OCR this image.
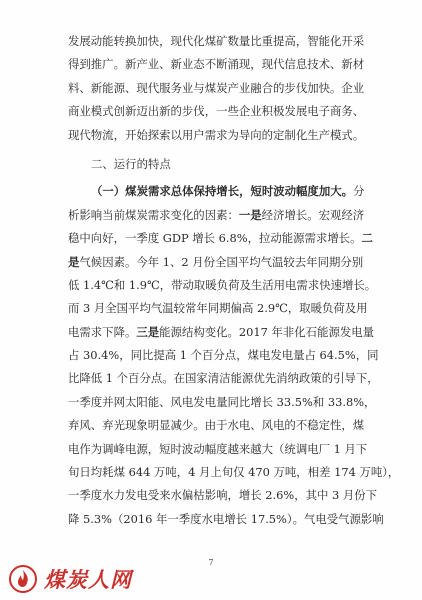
发展动能转换加快，现代化煤矿数量比重提高，智能化开采
得到推广。新产业、新业态不断涌现，现代信息技术、新材
料、新能源、现代服务业与煤炭产业融合的步伐加快。企业
商业模式创新迈出新的步伐，一些企业积极发展电子商务、
现代物流，开始探索以用户需求为导向的定制化生产模式。
二、运行的特点
（一）煤炭需求总体保持增长，短时波动幅度加大。分
析影响当前煤炭需求变化的因素：一是经济增长。宏观经济
稳中向好，一季度 GDP 增长 6.8%，拉动能源需求增长。二
是气候因素。今年 1、2 月份全国平均气温较去年同期分别
低 1.4℃和 1.9℃，带动取暖负荷及生活用电需求快速增长。
而 3 月全国平均气温较常年同期偏高 2.9℃，取暖负荷及用
电需求下降。三是能源结构变化。2017 年非化石能源发电量
占 30.4%，同比提高 1 个百分点，煤电发电量占 64.5%，同
比降低 1 个百分点。在国家清洁能源优先消纳政策的引导下，
一季度并网太阳能、风电发电量同比增长 33.5%和 33.8%，
弃风、弃光现象明显减少。由于水电、风电的不稳定性，煤
电作为调峰电源，短时波动幅度越来越大（统调电厂 1 月下
旬日均耗煤 644 万吨，4 月上旬仅 470 万吨，相差 174 万吨），
一季度水力发电受来水偏枯影响，增长 2.6%，其中 3 月份下
降 5.3%（2016 年一季度水电增长 17.5%）。气电受气源影响
7
煤炭人网
